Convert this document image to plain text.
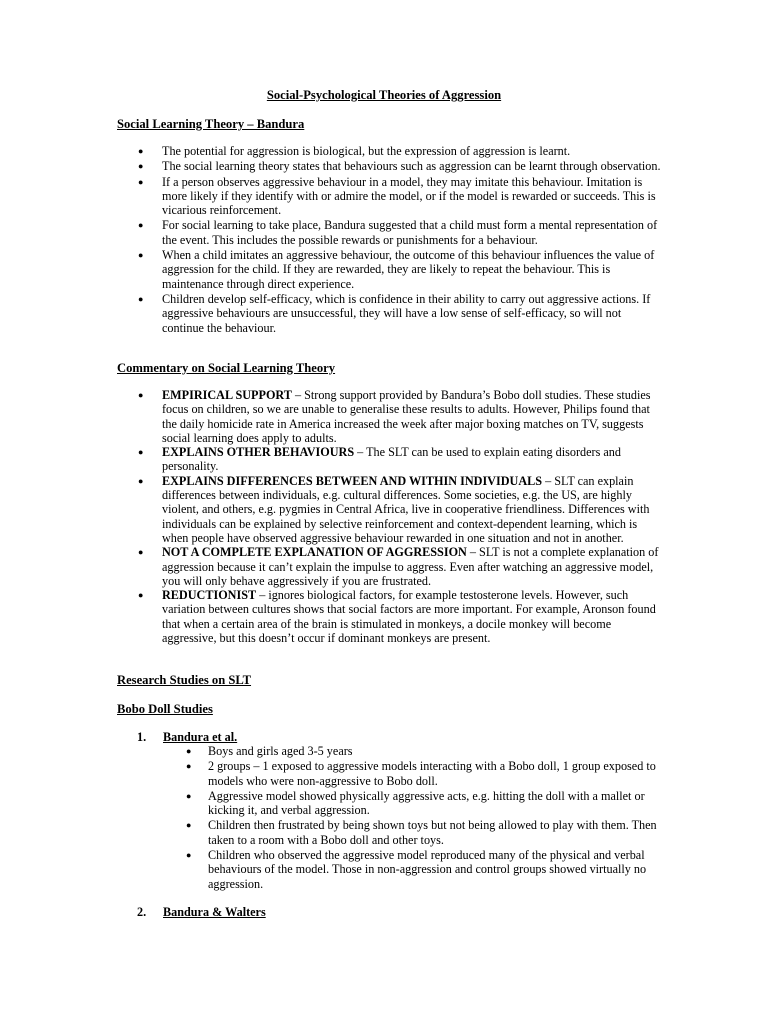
Social-Psychological Theories of Aggression
Social Learning Theory – Bandura
● The potential for aggression is biological, but the expression of aggression is learnt.
● The social learning theory states that behaviours such as aggression can be learnt through observation.
● If a person observes aggressive behaviour in a model, they may imitate this behaviour. Imitation is more likely if they identify with or admire the model, or if the model is rewarded or succeeds. This is vicarious reinforcement.
● For social learning to take place, Bandura suggested that a child must form a mental representation of the event. This includes the possible rewards or punishments for a behaviour.
● When a child imitates an aggressive behaviour, the outcome of this behaviour influences the value of aggression for the child. If they are rewarded, they are likely to repeat the behaviour. This is maintenance through direct experience.
● Children develop self-efficacy, which is confidence in their ability to carry out aggressive actions. If aggressive behaviours are unsuccessful, they will have a low sense of self-efficacy, so will not continue the behaviour.
Commentary on Social Learning Theory
● EMPIRICAL SUPPORT – Strong support provided by Bandura’s Bobo doll studies. These studies focus on children, so we are unable to generalise these results to adults. However, Philips found that the daily homicide rate in America increased the week after major boxing matches on TV, suggests social learning does apply to adults.
● EXPLAINS OTHER BEHAVIOURS – The SLT can be used to explain eating disorders and personality.
● EXPLAINS DIFFERENCES BETWEEN AND WITHIN INDIVIDUALS – SLT can explain differences between individuals, e.g. cultural differences. Some societies, e.g. the US, are highly violent, and others, e.g. pygmies in Central Africa, live in cooperative friendliness. Differences with individuals can be explained by selective reinforcement and context-dependent learning, which is when people have observed aggressive behaviour rewarded in one situation and not in another.
● NOT A COMPLETE EXPLANATION OF AGGRESSION – SLT is not a complete explanation of aggression because it can’t explain the impulse to aggress. Even after watching an aggressive model, you will only behave aggressively if you are frustrated.
● REDUCTIONIST – ignores biological factors, for example testosterone levels. However, such variation between cultures shows that social factors are more important. For example, Aronson found that when a certain area of the brain is stimulated in monkeys, a docile monkey will become aggressive, but this doesn’t occur if dominant monkeys are present.
Research Studies on SLT
Bobo Doll Studies
1. Bandura et al.
● Boys and girls aged 3-5 years
● 2 groups – 1 exposed to aggressive models interacting with a Bobo doll, 1 group exposed to models who were non-aggressive to Bobo doll.
● Aggressive model showed physically aggressive acts, e.g. hitting the doll with a mallet or kicking it, and verbal aggression.
● Children then frustrated by being shown toys but not being allowed to play with them. Then taken to a room with a Bobo doll and other toys.
● Children who observed the aggressive model reproduced many of the physical and verbal behaviours of the model. Those in non-aggression and control groups showed virtually no aggression.
2. Bandura & Walters
